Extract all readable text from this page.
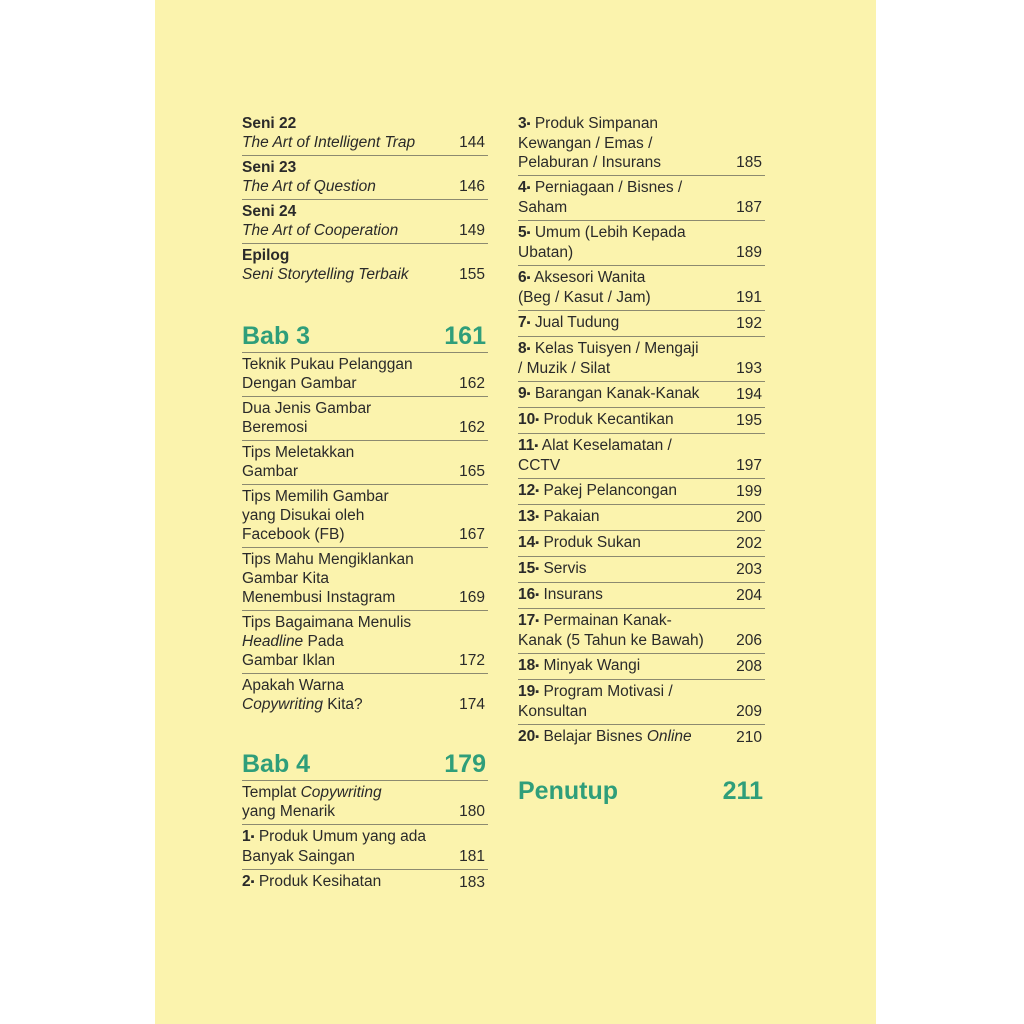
Seni 22
The Art of Intelligent Trap	144
Seni 23
The Art of Question	146
Seni 24
The Art of Cooperation	149
Epilog
Seni Storytelling Terbaik	155
Bab 3	161
Teknik Pukau Pelanggan
Dengan Gambar	162
Dua Jenis Gambar
Beremosi	162
Tips Meletakkan
Gambar	165
Tips Memilih Gambar
yang Disukai oleh
Facebook (FB)	167
Tips Mahu Mengiklankan
Gambar Kita
Menembusi Instagram	169
Tips Bagaimana Menulis
Headline Pada
Gambar Iklan	172
Apakah Warna
Copywriting Kita?	174
Bab 4	179
Templat Copywriting
yang Menarik	180
1▪ Produk Umum yang ada
Banyak Saingan	181
2▪ Produk Kesihatan	183
3▪ Produk Simpanan
Kewangan / Emas /
Pelaburan / Insurans	185
4▪ Perniagaan / Bisnes /
Saham	187
5▪ Umum (Lebih Kepada
Ubatan)	189
6▪ Aksesori Wanita
(Beg / Kasut / Jam)	191
7▪ Jual Tudung	192
8▪ Kelas Tuisyen / Mengaji
/ Muzik / Silat	193
9▪ Barangan Kanak-Kanak	194
10▪ Produk Kecantikan	195
11▪ Alat Keselamatan /
CCTV	197
12▪ Pakej Pelancongan	199
13▪ Pakaian	200
14▪ Produk Sukan	202
15▪ Servis	203
16▪ Insurans	204
17▪ Permainan Kanak-
Kanak (5 Tahun ke Bawah)	206
18▪ Minyak Wangi	208
19▪ Program Motivasi /
Konsultan	209
20▪ Belajar Bisnes Online	210
Penutup	211
